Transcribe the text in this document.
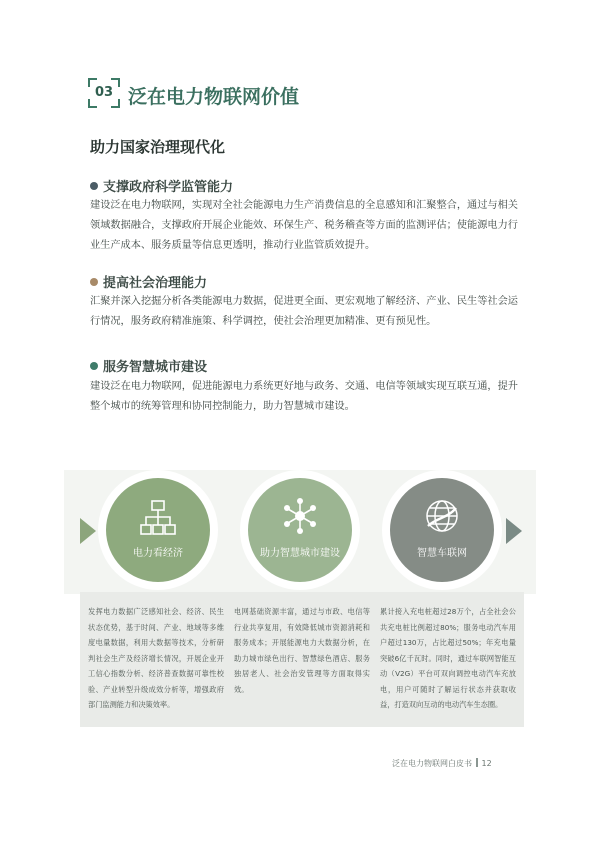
03 泛在电力物联网价值
助力国家治理现代化
支撑政府科学监管能力
建设泛在电力物联网，实现对全社会能源电力生产消费信息的全息感知和汇聚整合，通过与相关领域数据融合，支撑政府开展企业能效、环保生产、税务稽查等方面的监测评估；使能源电力行业生产成本、服务质量等信息更透明，推动行业监管质效提升。
提高社会治理能力
汇聚并深入挖掘分析各类能源电力数据，促进更全面、更宏观地了解经济、产业、民生等社会运行情况，服务政府精准施策、科学调控，使社会治理更加精准、更有预见性。
服务智慧城市建设
建设泛在电力物联网，促进能源电力系统更好地与政务、交通、电信等领域实现互联互通，提升整个城市的统筹管理和协同控制能力，助力智慧城市建设。
电力看经济	助力智慧城市建设	智慧车联网
发挥电力数据广泛感知社会、经济、民生状态优势，基于时间、产业、地域等多维度电量数据，利用大数据等技术，分析研判社会生产及经济增长情况，开展企业开工信心指数分析、经济普查数据可靠性校验、产业转型升级成效分析等，增强政府部门监测能力和决策效率。
电网基础资源丰富，通过与市政、电信等行业共享复用，有效降低城市资源消耗和服务成本；开展能源电力大数据分析，在助力城市绿色出行、智慧绿色酒店、服务独居老人、社会治安管理等方面取得实效。
累计接入充电桩超过28万个，占全社会公共充电桩比例超过80%；服务电动汽车用户超过130万，占比超过50%；年充电量突破6亿千瓦时。同时，通过车联网智能互动（V2G）平台可双向调控电动汽车充放电，用户可随时了解运行状态并获取收益，打造双向互动的电动汽车生态圈。
泛在电力物联网白皮书 12
